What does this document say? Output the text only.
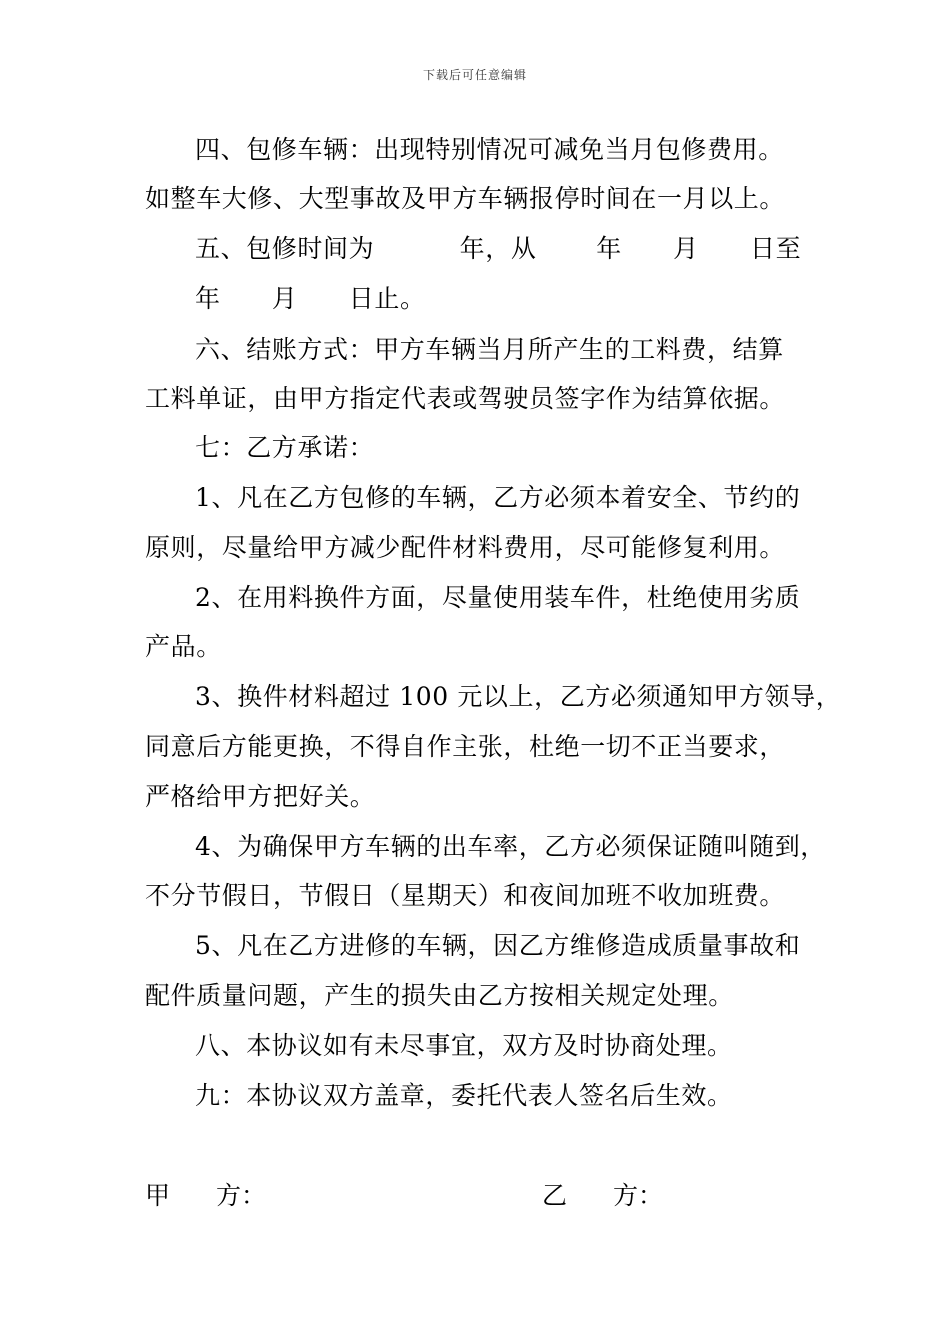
下载后可任意编辑
四、包修车辆：出现特别情况可减免当月包修费用。
如整车大修、大型事故及甲方车辆报停时间在一月以上。
五、包修时间为          年，从       年      月      日至
年      月      日止。
六、结账方式：甲方车辆当月所产生的工料费，结算
工料单证，由甲方指定代表或驾驶员签字作为结算依据。
七：乙方承诺：
1、凡在乙方包修的车辆，乙方必须本着安全、节约的
原则，尽量给甲方减少配件材料费用，尽可能修复利用。
2、在用料换件方面，尽量使用装车件，杜绝使用劣质
产品。
3、换件材料超过 100 元以上，乙方必须通知甲方领导，
同意后方能更换，不得自作主张，杜绝一切不正当要求，
严格给甲方把好关。
4、为确保甲方车辆的出车率，乙方必须保证随叫随到，
不分节假日，节假日（星期天）和夜间加班不收加班费。
5、凡在乙方进修的车辆，因乙方维修造成质量事故和
配件质量问题，产生的损失由乙方按相关规定处理。
八、本协议如有未尽事宜，双方及时协商处理。
九：本协议双方盖章，委托代表人签名后生效。
甲 方：	乙 方：
